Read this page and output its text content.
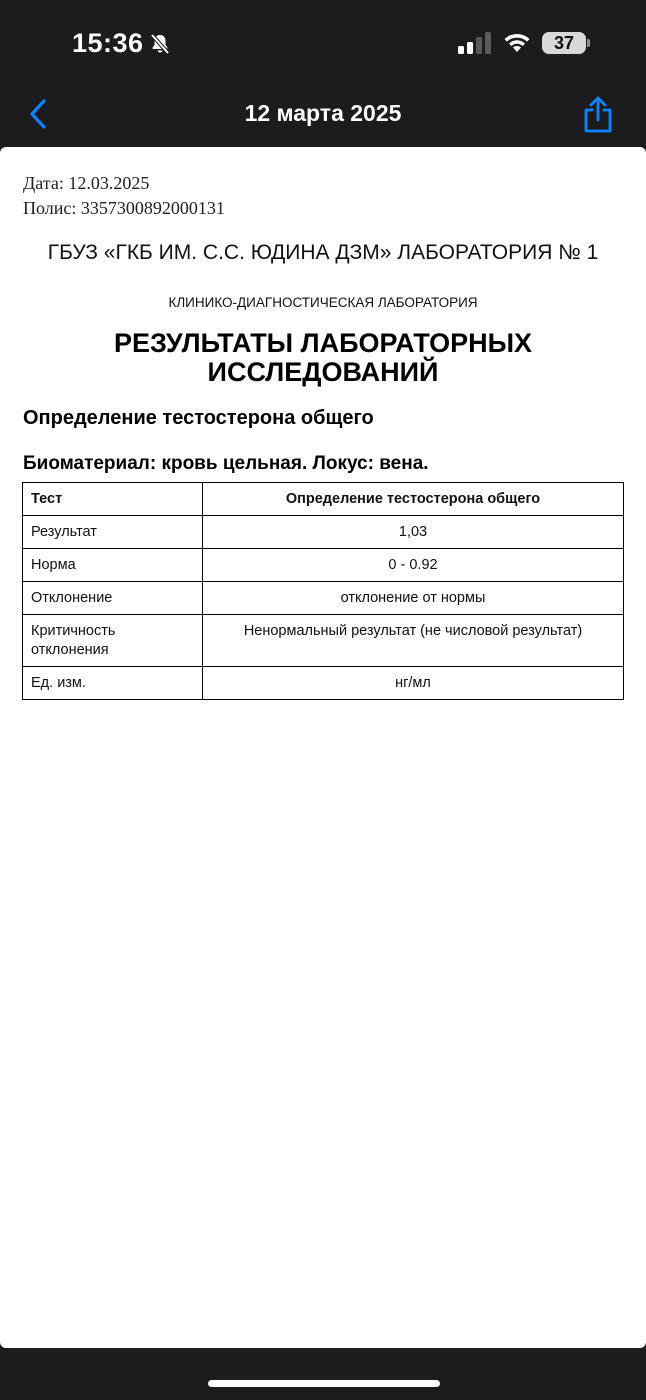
15:36	37
12 марта 2025
Дата: 12.03.2025
Полис: 3357300892000131
ГБУЗ «ГКБ ИМ. С.С. ЮДИНА ДЗМ» ЛАБОРАТОРИЯ № 1
КЛИНИКО-ДИАГНОСТИЧЕСКАЯ ЛАБОРАТОРИЯ
РЕЗУЛЬТАТЫ ЛАБОРАТОРНЫХ ИССЛЕДОВАНИЙ
Определение тестостерона общего
Биоматериал: кровь цельная. Локус: вена.
Тест	Определение тестостерона общего
Результат	1,03
Норма	0 - 0.92
Отклонение	отклонение от нормы
Критичность отклонения	Ненормальный результат (не числовой результат)
Ед. изм.	нг/мл
